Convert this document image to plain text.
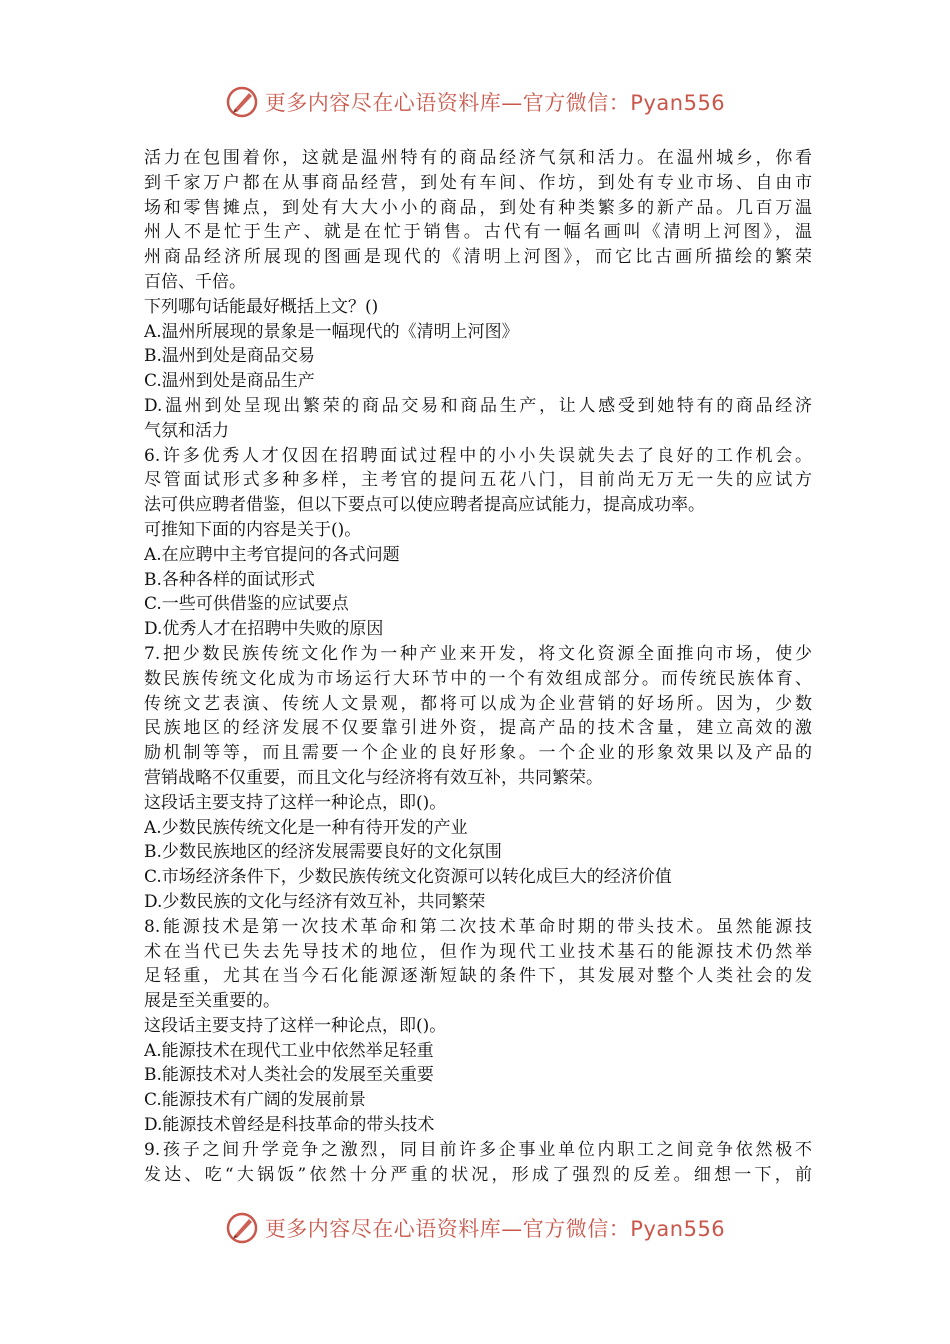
更多内容尽在心语资料库—官方微信：Pyan556
活力在包围着你，这就是温州特有的商品经济气氛和活力。在温州城乡，你看
到千家万户都在从事商品经营，到处有车间、作坊，到处有专业市场、自由市
场和零售摊点，到处有大大小小的商品，到处有种类繁多的新产品。几百万温
州人不是忙于生产、就是在忙于销售。古代有一幅名画叫《清明上河图》，温
州商品经济所展现的图画是现代的《清明上河图》，而它比古画所描绘的繁荣
百倍、千倍。
下列哪句话能最好概括上文？()
A.温州所展现的景象是一幅现代的《清明上河图》
B.温州到处是商品交易
C.温州到处是商品生产
D.温州到处呈现出繁荣的商品交易和商品生产，让人感受到她特有的商品经济
气氛和活力
6.许多优秀人才仅因在招聘面试过程中的小小失误就失去了良好的工作机会。
尽管面试形式多种多样，主考官的提问五花八门，目前尚无万无一失的应试方
法可供应聘者借鉴，但以下要点可以使应聘者提高应试能力，提高成功率。
可推知下面的内容是关于()。
A.在应聘中主考官提问的各式问题
B.各种各样的面试形式
C.一些可供借鉴的应试要点
D.优秀人才在招聘中失败的原因
7.把少数民族传统文化作为一种产业来开发，将文化资源全面推向市场，使少
数民族传统文化成为市场运行大环节中的一个有效组成部分。而传统民族体育、
传统文艺表演、传统人文景观，都将可以成为企业营销的好场所。因为，少数
民族地区的经济发展不仅要靠引进外资，提高产品的技术含量，建立高效的激
励机制等等，而且需要一个企业的良好形象。一个企业的形象效果以及产品的
营销战略不仅重要，而且文化与经济将有效互补，共同繁荣。
这段话主要支持了这样一种论点，即()。
A.少数民族传统文化是一种有待开发的产业
B.少数民族地区的经济发展需要良好的文化氛围
C.市场经济条件下，少数民族传统文化资源可以转化成巨大的经济价值
D.少数民族的文化与经济有效互补，共同繁荣
8.能源技术是第一次技术革命和第二次技术革命时期的带头技术。虽然能源技
术在当代已失去先导技术的地位，但作为现代工业技术基石的能源技术仍然举
足轻重，尤其在当今石化能源逐渐短缺的条件下，其发展对整个人类社会的发
展是至关重要的。
这段话主要支持了这样一种论点，即()。
A.能源技术在现代工业中依然举足轻重
B.能源技术对人类社会的发展至关重要
C.能源技术有广阔的发展前景
D.能源技术曾经是科技革命的带头技术
9.孩子之间升学竞争之激烈，同目前许多企事业单位内职工之间竞争依然极不
发达、吃“大锅饭”依然十分严重的状况，形成了强烈的反差。细想一下，前
更多内容尽在心语资料库—官方微信：Pyan556
